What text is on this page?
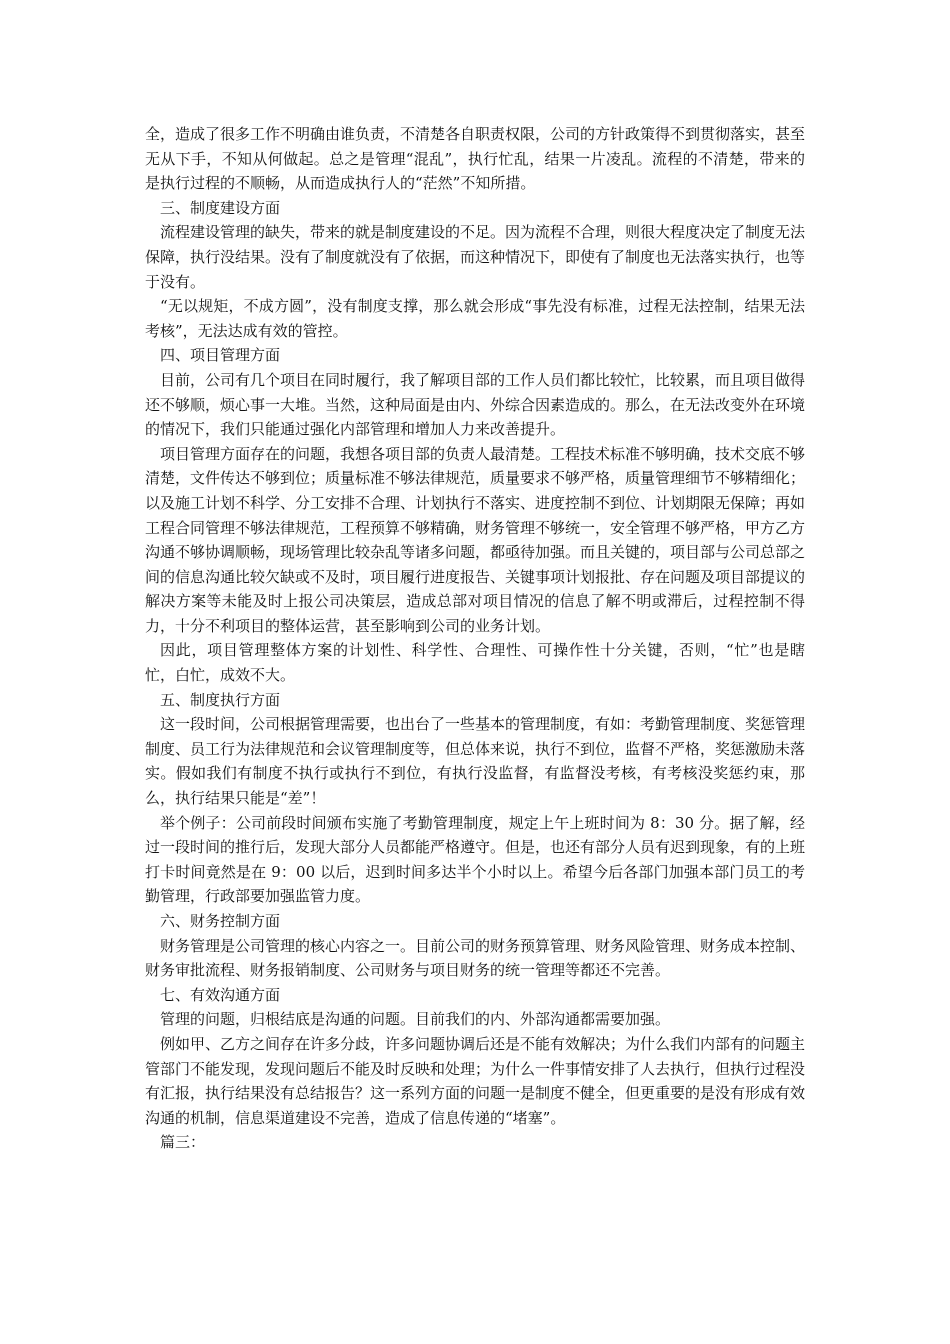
全，造成了很多工作不明确由谁负责，不清楚各自职责权限，公司的方针政策得不到贯彻落实，甚至无从下手，不知从何做起。总之是管理“混乱”，执行忙乱，结果一片凌乱。流程的不清楚，带来的是执行过程的不顺畅，从而造成执行人的“茫然”不知所措。

三、制度建设方面

流程建设管理的缺失，带来的就是制度建设的不足。因为流程不合理，则很大程度决定了制度无法保障，执行没结果。没有了制度就没有了依据，而这种情况下，即使有了制度也无法落实执行，也等于没有。

“无以规矩，不成方圆”，没有制度支撑，那么就会形成“事先没有标准，过程无法控制，结果无法考核”，无法达成有效的管控。

四、项目管理方面

目前，公司有几个项目在同时履行，我了解项目部的工作人员们都比较忙，比较累，而且项目做得还不够顺，烦心事一大堆。当然，这种局面是由内、外综合因素造成的。那么，在无法改变外在环境的情况下，我们只能通过强化内部管理和增加人力来改善提升。

项目管理方面存在的问题，我想各项目部的负责人最清楚。工程技术标准不够明确，技术交底不够清楚，文件传达不够到位；质量标准不够法律规范，质量要求不够严格，质量管理细节不够精细化；以及施工计划不科学、分工安排不合理、计划执行不落实、进度控制不到位、计划期限无保障；再如工程合同管理不够法律规范，工程预算不够精确，财务管理不够统一，安全管理不够严格，甲方乙方沟通不够协调顺畅，现场管理比较杂乱等诸多问题，都亟待加强。而且关键的，项目部与公司总部之间的信息沟通比较欠缺或不及时，项目履行进度报告、关键事项计划报批、存在问题及项目部提议的解决方案等未能及时上报公司决策层，造成总部对项目情况的信息了解不明或滞后，过程控制不得力，十分不利项目的整体运营，甚至影响到公司的业务计划。

因此，项目管理整体方案的计划性、科学性、合理性、可操作性十分关键，否则，“忙”也是瞎忙，白忙，成效不大。

五、制度执行方面

这一段时间，公司根据管理需要，也出台了一些基本的管理制度，有如：考勤管理制度、奖惩管理制度、员工行为法律规范和会议管理制度等，但总体来说，执行不到位，监督不严格，奖惩激励未落实。假如我们有制度不执行或执行不到位，有执行没监督，有监督没考核，有考核没奖惩约束，那么，执行结果只能是“差”！

举个例子：公司前段时间颁布实施了考勤管理制度，规定上午上班时间为 8：30 分。据了解，经过一段时间的推行后，发现大部分人员都能严格遵守。但是，也还有部分人员有迟到现象，有的上班打卡时间竟然是在 9：00 以后，迟到时间多达半个小时以上。希望今后各部门加强本部门员工的考勤管理，行政部要加强监管力度。

六、财务控制方面

财务管理是公司管理的核心内容之一。目前公司的财务预算管理、财务风险管理、财务成本控制、财务审批流程、财务报销制度、公司财务与项目财务的统一管理等都还不完善。

七、有效沟通方面

管理的问题，归根结底是沟通的问题。目前我们的内、外部沟通都需要加强。

例如甲、乙方之间存在许多分歧，许多问题协调后还是不能有效解决；为什么我们内部有的问题主管部门不能发现，发现问题后不能及时反映和处理；为什么一件事情安排了人去执行，但执行过程没有汇报，执行结果没有总结报告？这一系列方面的问题一是制度不健全，但更重要的是没有形成有效沟通的机制，信息渠道建设不完善，造成了信息传递的“堵塞”。

篇三：
